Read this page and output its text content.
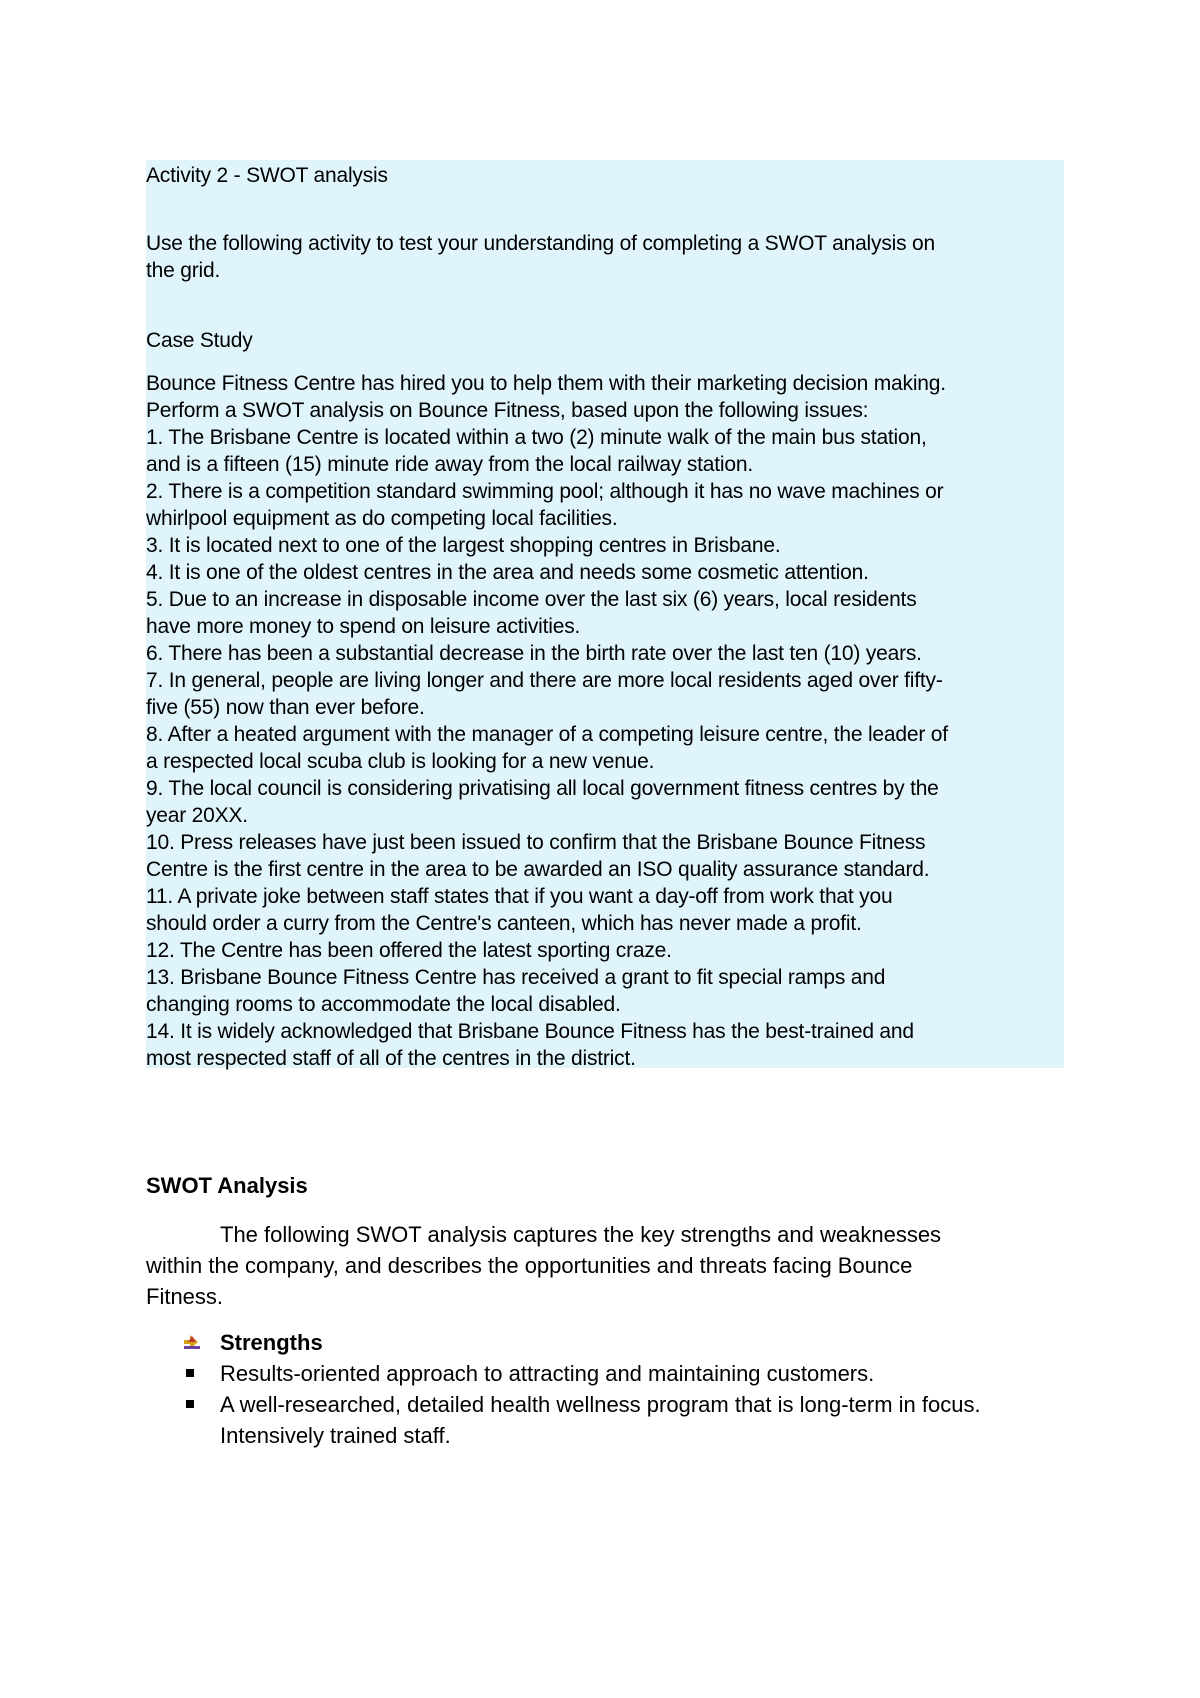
Activity 2 - SWOT analysis

Use the following activity to test your understanding of completing a SWOT analysis on
the grid.

Case Study

Bounce Fitness Centre has hired you to help them with their marketing decision making.
Perform a SWOT analysis on Bounce Fitness, based upon the following issues:
1. The Brisbane Centre is located within a two (2) minute walk of the main bus station,
and is a fifteen (15) minute ride away from the local railway station.
2. There is a competition standard swimming pool; although it has no wave machines or
whirlpool equipment as do competing local facilities.
3. It is located next to one of the largest shopping centres in Brisbane.
4. It is one of the oldest centres in the area and needs some cosmetic attention.
5. Due to an increase in disposable income over the last six (6) years, local residents
have more money to spend on leisure activities.
6. There has been a substantial decrease in the birth rate over the last ten (10) years.
7. In general, people are living longer and there are more local residents aged over fifty-
five (55) now than ever before.
8. After a heated argument with the manager of a competing leisure centre, the leader of
a respected local scuba club is looking for a new venue.
9. The local council is considering privatising all local government fitness centres by the
year 20XX.
10. Press releases have just been issued to confirm that the Brisbane Bounce Fitness
Centre is the first centre in the area to be awarded an ISO quality assurance standard.
11. A private joke between staff states that if you want a day-off from work that you
should order a curry from the Centre's canteen, which has never made a profit.
12. The Centre has been offered the latest sporting craze.
13. Brisbane Bounce Fitness Centre has received a grant to fit special ramps and
changing rooms to accommodate the local disabled.
14. It is widely acknowledged that Brisbane Bounce Fitness has the best-trained and
most respected staff of all of the centres in the district.

SWOT Analysis

The following SWOT analysis captures the key strengths and weaknesses
within the company, and describes the opportunities and threats facing Bounce
Fitness.

Strengths
Results-oriented approach to attracting and maintaining customers.
A well-researched, detailed health wellness program that is long-term in focus.
Intensively trained staff.
